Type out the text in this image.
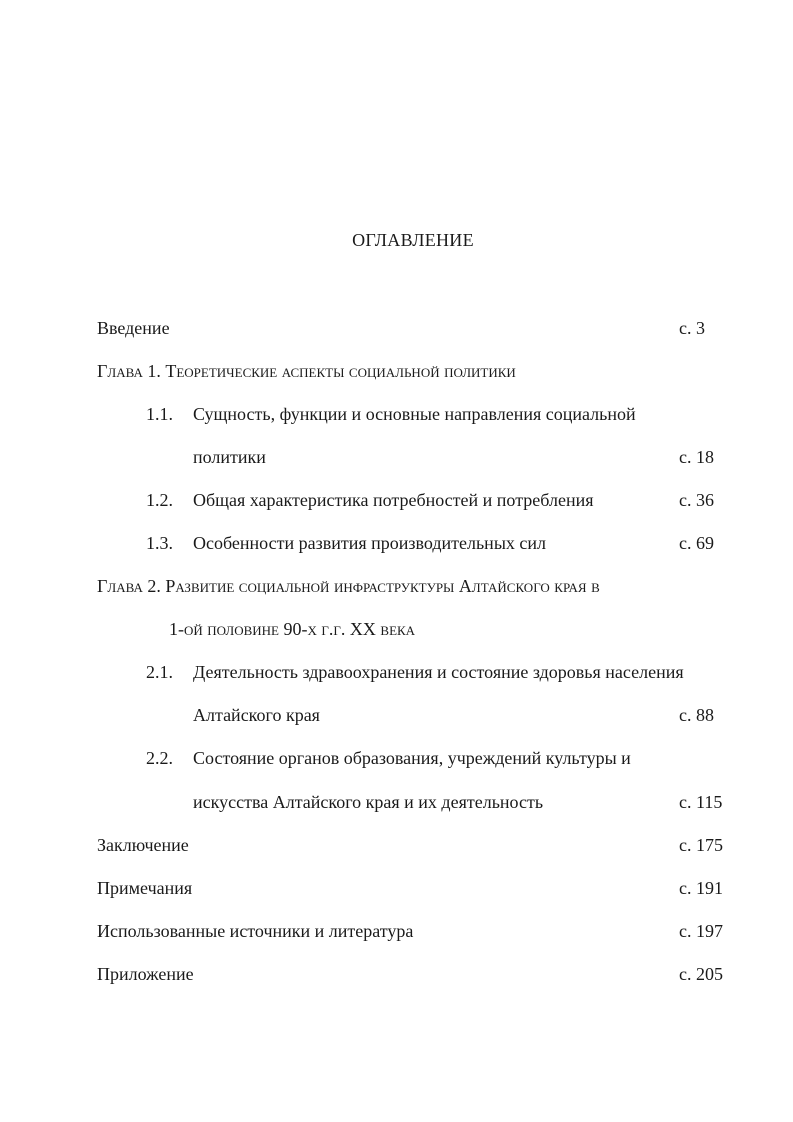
ОГЛАВЛЕНИЕ
Введение	с. 3
Глава 1. Теоретические аспекты социальной политики
1.1. Сущность, функции и основные направления социальной
политики	с. 18
1.2. Общая характеристика потребностей и потребления	с. 36
1.3. Особенности развития производительных сил	с. 69
Глава 2. Развитие социальной инфраструктуры Алтайского края в
1-ой половине 90-х г.г. XX века
2.1. Деятельность здравоохранения и состояние здоровья населения
Алтайского края	с. 88
2.2. Состояние органов образования, учреждений культуры и
искусства Алтайского края и их деятельность	с. 115
Заключение	с. 175
Примечания	с. 191
Использованные источники и литература	с. 197
Приложение	с. 205
